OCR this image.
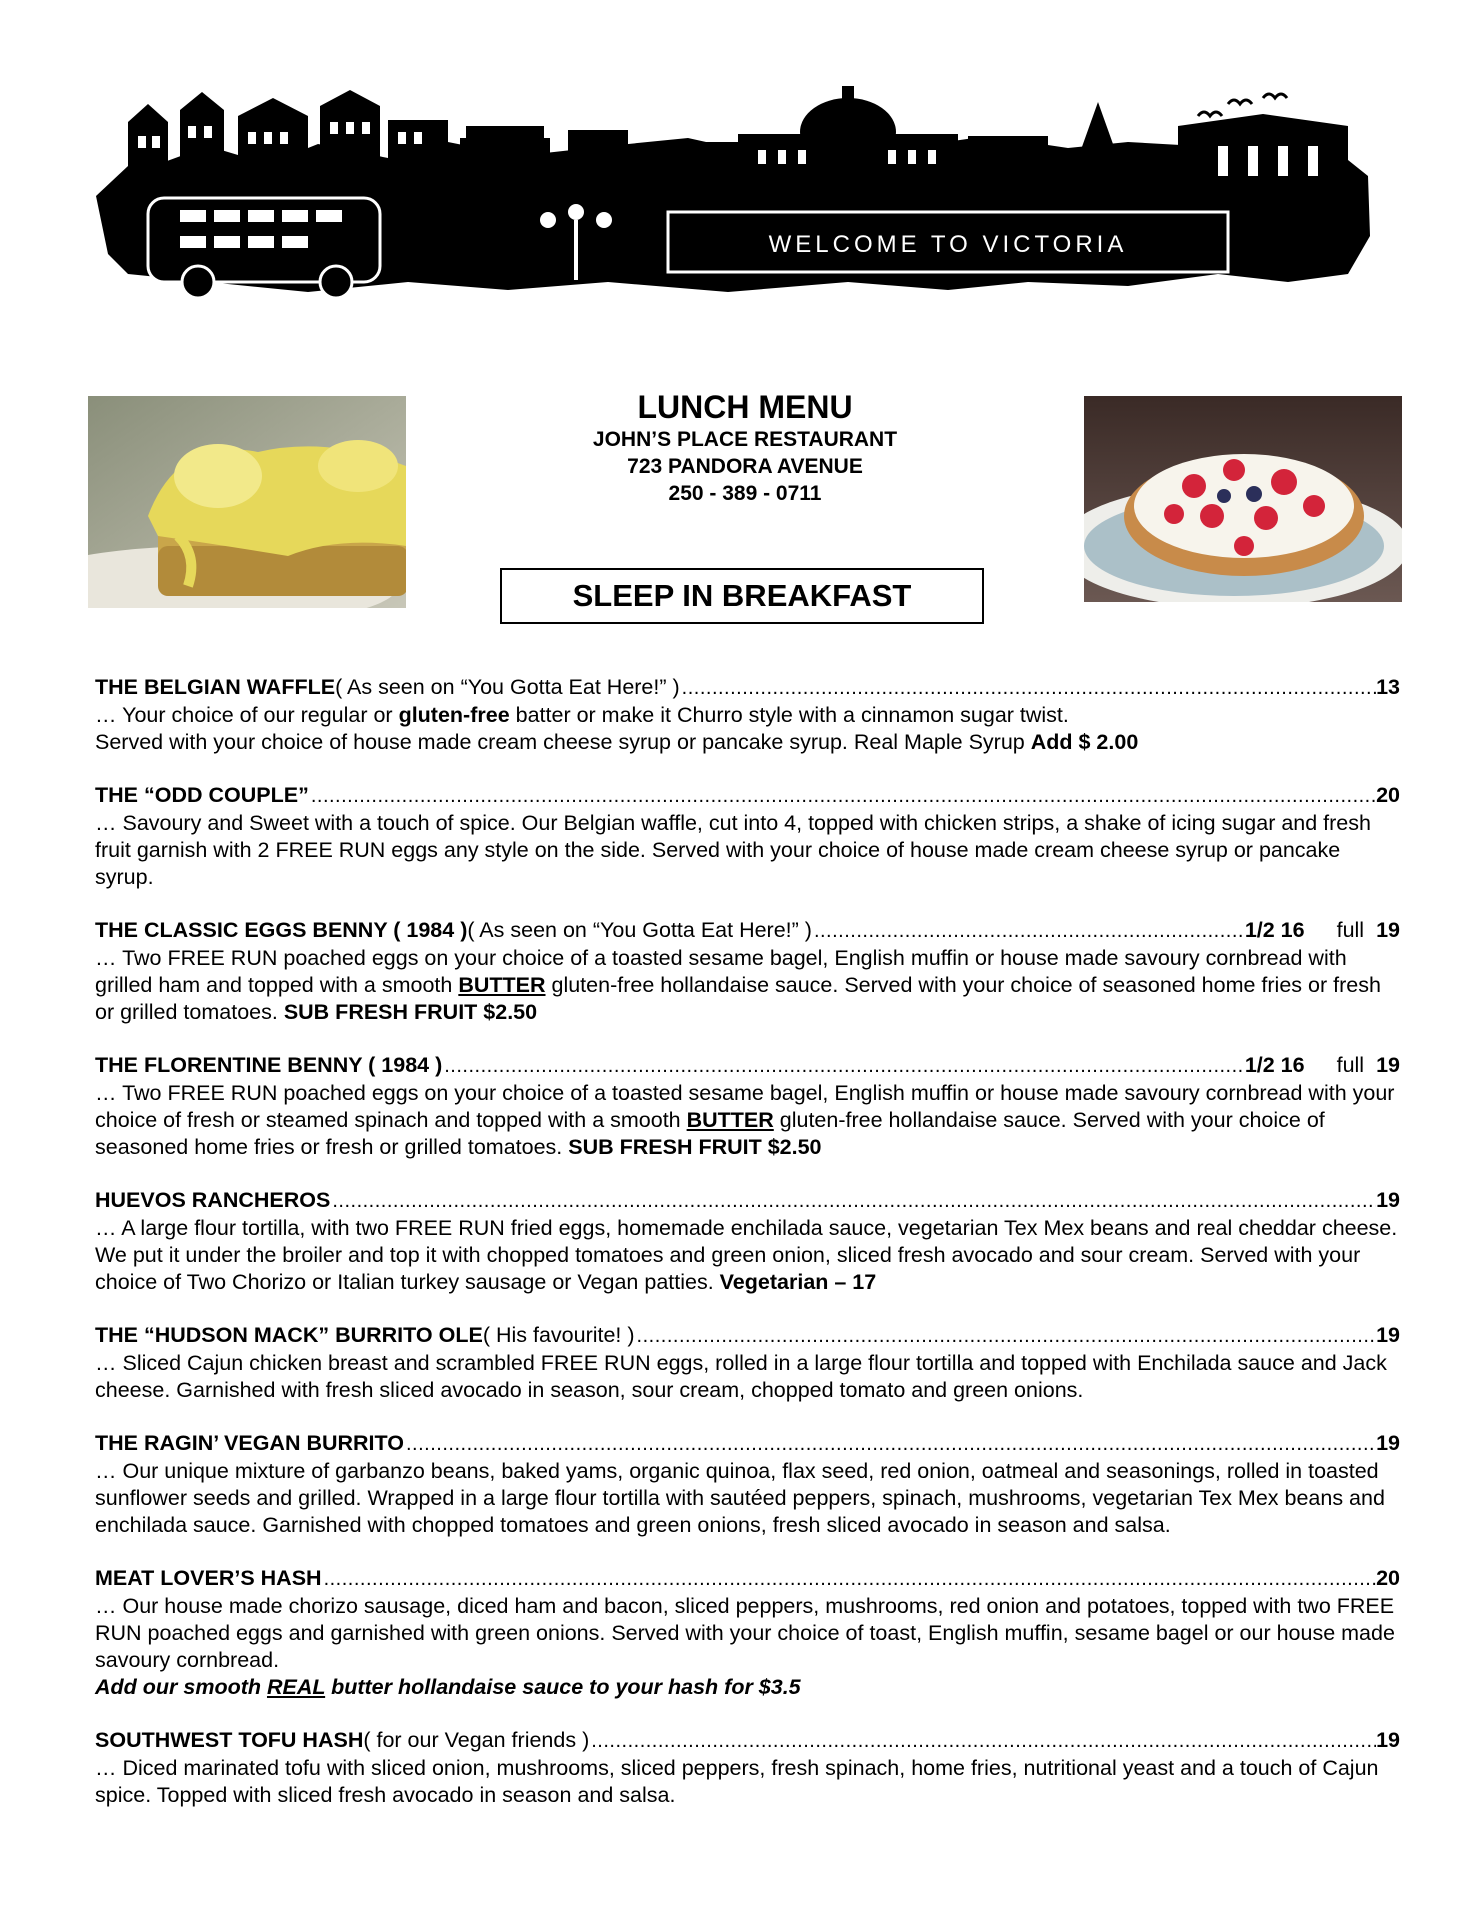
WELCOME TO VICTORIA

LUNCH MENU

JOHN’S PLACE RESTAURANT

723 PANDORA AVENUE

250 - 389 - 0711

SLEEP IN BREAKFAST
THE BELGIAN WAFFLE ( As seen on “You Gotta Eat Here!” ) .....	13

… Your choice of our regular or gluten-free batter or make it Churro style with a cinnamon sugar twist.

Served with your choice of house made cream cheese syrup or pancake syrup. Real Maple Syrup Add $ 2.00

THE “ODD COUPLE” .....	20

… Savoury and Sweet with a touch of spice. Our Belgian waffle, cut into 4, topped with chicken strips, a shake of icing sugar and fresh fruit garnish with 2 FREE RUN eggs any style on the side. Served with your choice of house made cream cheese syrup or pancake syrup.

THE CLASSIC EGGS BENNY ( 1984 ) ( As seen on “You Gotta Eat Here!” ) .....	1/2 16 full 19

… Two FREE RUN poached eggs on your choice of a toasted sesame bagel, English muffin or house made savoury cornbread with grilled ham and topped with a smooth BUTTER gluten-free hollandaise sauce. Served with your choice of seasoned home fries or fresh or grilled tomatoes. SUB FRESH FRUIT $2.50

THE FLORENTINE BENNY ( 1984 ) .....	1/2 16 full 19

… Two FREE RUN poached eggs on your choice of a toasted sesame bagel, English muffin or house made savoury cornbread with your choice of fresh or steamed spinach and topped with a smooth BUTTER gluten-free hollandaise sauce. Served with your choice of seasoned home fries or fresh or grilled tomatoes. SUB FRESH FRUIT $2.50

HUEVOS RANCHEROS .....	19

… A large flour tortilla, with two FREE RUN fried eggs, homemade enchilada sauce, vegetarian Tex Mex beans and real cheddar cheese. We put it under the broiler and top it with chopped tomatoes and green onion, sliced fresh avocado and sour cream. Served with your choice of Two Chorizo or Italian turkey sausage or Vegan patties. Vegetarian – 17

THE “HUDSON MACK” BURRITO OLE ( His favourite! ) .....	19

… Sliced Cajun chicken breast and scrambled FREE RUN eggs, rolled in a large flour tortilla and topped with Enchilada sauce and Jack cheese. Garnished with fresh sliced avocado in season, sour cream, chopped tomato and green onions.

THE RAGIN’ VEGAN BURRITO .....	19

… Our unique mixture of garbanzo beans, baked yams, organic quinoa, flax seed, red onion, oatmeal and seasonings, rolled in toasted sunflower seeds and grilled. Wrapped in a large flour tortilla with sautéed peppers, spinach, mushrooms, vegetarian Tex Mex beans and enchilada sauce. Garnished with chopped tomatoes and green onions, fresh sliced avocado in season and salsa.

MEAT LOVER’S HASH .....	20

… Our house made chorizo sausage, diced ham and bacon, sliced peppers, mushrooms, red onion and potatoes, topped with two FREE RUN poached eggs and garnished with green onions. Served with your choice of toast, English muffin, sesame bagel or our house made savoury cornbread.

Add our smooth REAL butter hollandaise sauce to your hash for $3.5

SOUTHWEST TOFU HASH ( for our Vegan friends ) .....	19

… Diced marinated tofu with sliced onion, mushrooms, sliced peppers, fresh spinach, home fries, nutritional yeast and a touch of Cajun spice. Topped with sliced fresh avocado in season and salsa.
